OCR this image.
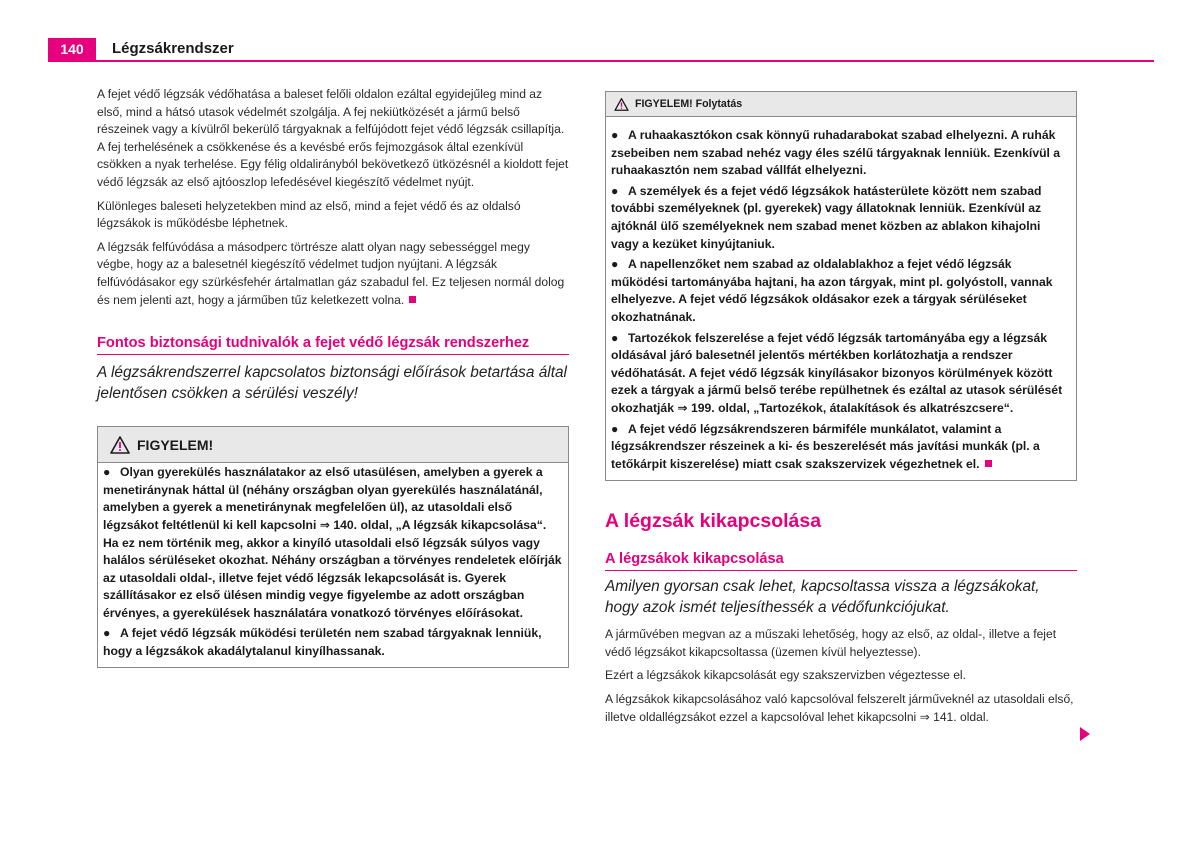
140	Légzsákrendszer

A fejet védő légzsák védőhatása a baleset felőli oldalon ezáltal egyidejűleg mind az első, mind a hátsó utasok védelmét szolgálja. A fej nekiütközését a jármű belső részeinek vagy a kívülről bekerülő tárgyaknak a felfújódott fejet védő légzsák csillapítja. A fej terhelésének a csökkenése és a kevésbé erős fejmozgások által ezenkívül csökken a nyak terhelése. Egy félig oldalirányból bekövetkező ütközésnél a kioldott fejet védő légzsák az első ajtóoszlop lefedésével kiegészítő védelmet nyújt.

Különleges baleseti helyzetekben mind az első, mind a fejet védő és az oldalsó légzsákok is működésbe léphetnek.

A légzsák felfúvódása a másodperc törtrésze alatt olyan nagy sebességgel megy végbe, hogy az a balesetnél kiegészítő védelmet tudjon nyújtani. A légzsák felfúvódásakor egy szürkésfehér ártalmatlan gáz szabadul fel. Ez teljesen normál dolog és nem jelenti azt, hogy a járműben tűz keletkezett volna.

Fontos biztonsági tudnivalók a fejet védő légzsák rendszerhez

A légzsákrendszerrel kapcsolatos biztonsági előírások betartása által jelentősen csökken a sérülési veszély!

FIGYELEM!

● Olyan gyerekülés használatakor az első utasülésen, amelyben a gyerek a menetiránynak háttal ül (néhány országban olyan gyerekülés használatánál, amelyben a gyerek a menetiránynak megfelelően ül), az utasoldali első légzsákot feltétlenül ki kell kapcsolni ⇒ 140. oldal, „A légzsák kikapcsolása“. Ha ez nem történik meg, akkor a kinyíló utasoldali első légzsák súlyos vagy halálos sérüléseket okozhat. Néhány országban a törvényes rendeletek előírják az utasoldali oldal-, illetve fejet védő légzsák lekapcsolását is. Gyerek szállításakor ez első ülésen mindig vegye figyelembe az adott országban érvényes, a gyerekülések használatára vonatkozó törvényes előírásokat.

● A fejet védő légzsák működési területén nem szabad tárgyaknak lenniük, hogy a légzsákok akadálytalanul kinyílhassanak.

FIGYELEM! Folytatás

● A ruhaakasztókon csak könnyű ruhadarabokat szabad elhelyezni. A ruhák zsebeiben nem szabad nehéz vagy éles szélű tárgyaknak lenniük. Ezenkívül a ruhaakasztón nem szabad vállfát elhelyezni.

● A személyek és a fejet védő légzsákok hatásterülete között nem szabad további személyeknek (pl. gyerekek) vagy állatoknak lenniük. Ezenkívül az ajtóknál ülő személyeknek nem szabad menet közben az ablakon kihajolni vagy a kezüket kinyújtaniuk.

● A napellenzőket nem szabad az oldalablakhoz a fejet védő légzsák működési tartományába hajtani, ha azon tárgyak, mint pl. golyóstoll, vannak elhelyezve. A fejet védő légzsákok oldásakor ezek a tárgyak sérüléseket okozhatnának.

● Tartozékok felszerelése a fejet védő légzsák tartományába egy a légzsák oldásával járó balesetnél jelentős mértékben korlátozhatja a rendszer védőhatását. A fejet védő légzsák kinyílásakor bizonyos körülmények között ezek a tárgyak a jármű belső terébe repülhetnek és ezáltal az utasok sérülését okozhatják ⇒ 199. oldal, „Tartozékok, átalakítások és alkatrészcsere“.

● A fejet védő légzsákrendszeren bármiféle munkálatot, valamint a légzsákrendszer részeinek a ki- és beszerelését más javítási munkák (pl. a tetőkárpit kiszerelése) miatt csak szakszervizek végezhetnek el.

A légzsák kikapcsolása
A légzsákok kikapcsolása

Amilyen gyorsan csak lehet, kapcsoltassa vissza a légzsákokat, hogy azok ismét teljesíthessék a védőfunkciójukat.

A járművében megvan az a műszaki lehetőség, hogy az első, az oldal-, illetve a fejet védő légzsákot kikapcsoltassa (üzemen kívül helyeztesse).

Ezért a légzsákok kikapcsolását egy szakszervizben végeztesse el.

A légzsákok kikapcsolásához való kapcsolóval felszerelt járműveknél az utasoldali első, illetve oldallégzsákot ezzel a kapcsolóval lehet kikapcsolni ⇒ 141. oldal.
